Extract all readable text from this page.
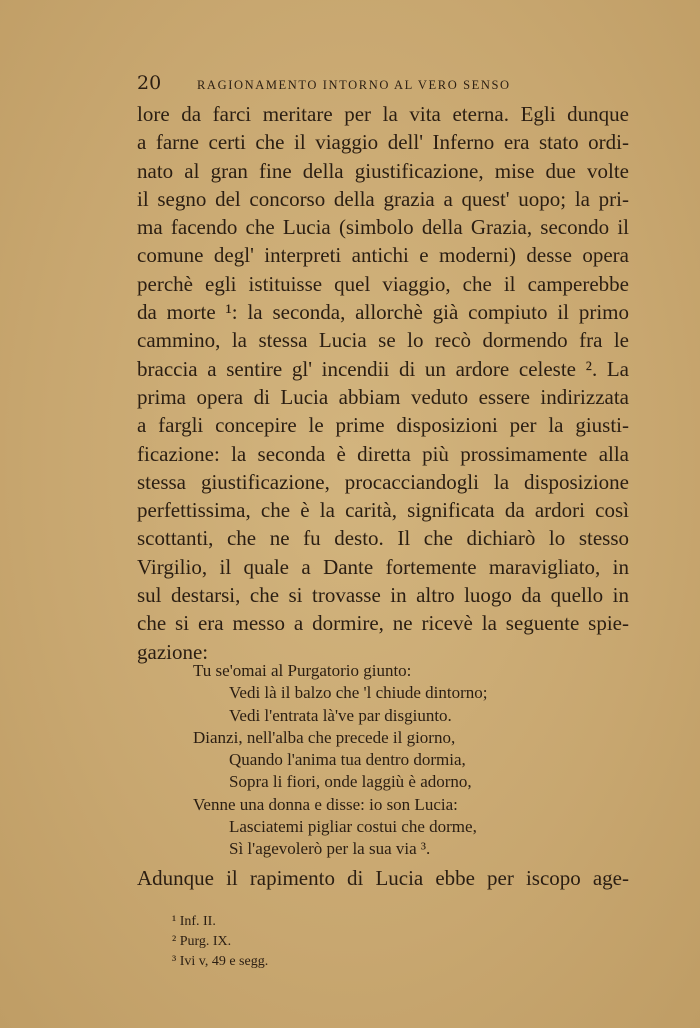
20	RAGIONAMENTO INTORNO AL VERO SENSO
lore da farci meritare per la vita eterna. Egli dunque
a farne certi che il viaggio dell' Inferno era stato ordi-
nato al gran fine della giustificazione, mise due volte
il segno del concorso della grazia a quest' uopo; la pri-
ma facendo che Lucia (simbolo della Grazia, secondo il
comune degl' interpreti antichi e moderni) desse opera
perchè egli istituisse quel viaggio, che il camperebbe
da morte ¹: la seconda, allorchè già compiuto il primo
cammino, la stessa Lucia se lo recò dormendo fra le
braccia a sentire gl' incendii di un ardore celeste ². La
prima opera di Lucia abbiam veduto essere indirizzata
a fargli concepire le prime disposizioni per la giusti-
ficazione: la seconda è diretta più prossimamente alla
stessa giustificazione, procacciandogli la disposizione
perfettissima, che è la carità, significata da ardori così
scottanti, che ne fu desto. Il che dichiarò lo stesso
Virgilio, il quale a Dante fortemente maravigliato, in
sul destarsi, che si trovasse in altro luogo da quello in
che si era messo a dormire, ne ricevè la seguente spie-
gazione:
Tu se'omai al Purgatorio giunto:
Vedi là il balzo che 'l chiude dintorno;
Vedi l'entrata là've par disgiunto.
Dianzi, nell'alba che precede il giorno,
Quando l'anima tua dentro dormia,
Sopra li fiori, onde laggiù è adorno,
Venne una donna e disse: io son Lucia:
Lasciatemi pigliar costui che dorme,
Sì l'agevolerò per la sua via ³.
Adunque il rapimento di Lucia ebbe per iscopo age-
¹ Inf. II.
² Purg. IX.
³ Ivi v, 49 e segg.
